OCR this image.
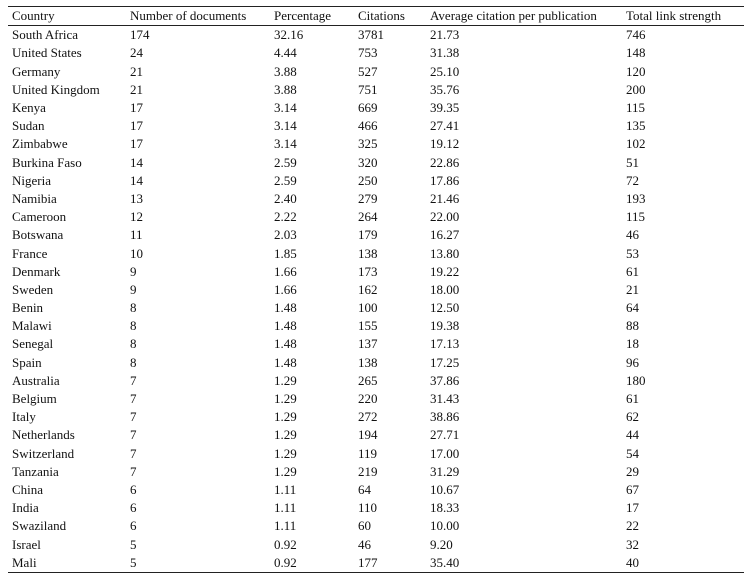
Country	Number of documents	Percentage	Citations	Average citation per publication	Total link strength
South Africa	174	32.16	3781	21.73	746
United States	24	4.44	753	31.38	148
Germany	21	3.88	527	25.10	120
United Kingdom	21	3.88	751	35.76	200
Kenya	17	3.14	669	39.35	115
Sudan	17	3.14	466	27.41	135
Zimbabwe	17	3.14	325	19.12	102
Burkina Faso	14	2.59	320	22.86	51
Nigeria	14	2.59	250	17.86	72
Namibia	13	2.40	279	21.46	193
Cameroon	12	2.22	264	22.00	115
Botswana	11	2.03	179	16.27	46
France	10	1.85	138	13.80	53
Denmark	9	1.66	173	19.22	61
Sweden	9	1.66	162	18.00	21
Benin	8	1.48	100	12.50	64
Malawi	8	1.48	155	19.38	88
Senegal	8	1.48	137	17.13	18
Spain	8	1.48	138	17.25	96
Australia	7	1.29	265	37.86	180
Belgium	7	1.29	220	31.43	61
Italy	7	1.29	272	38.86	62
Netherlands	7	1.29	194	27.71	44
Switzerland	7	1.29	119	17.00	54
Tanzania	7	1.29	219	31.29	29
China	6	1.11	64	10.67	67
India	6	1.11	110	18.33	17
Swaziland	6	1.11	60	10.00	22
Israel	5	0.92	46	9.20	32
Mali	5	0.92	177	35.40	40
